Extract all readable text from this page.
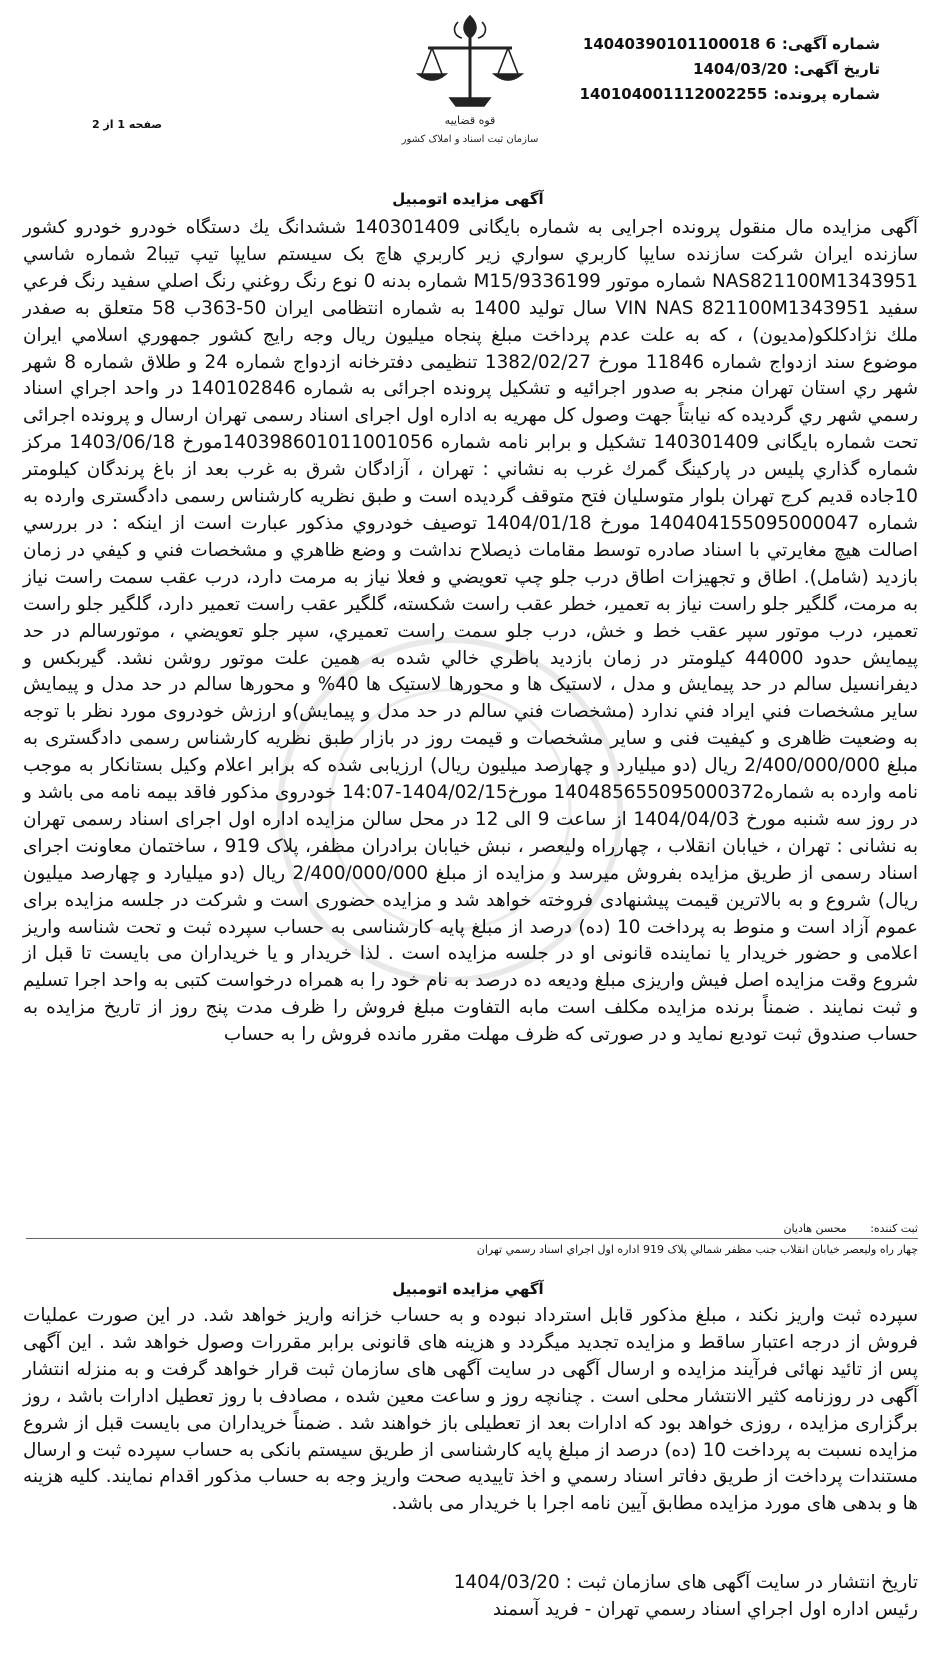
قوه قضاییه
سازمان ثبت اسناد و املاک کشور
شماره آگهی:
14040390101100018 6
تاریخ آگهی:
1404/03/20
شماره پرونده:
140104001112002255
صفحه 1 از 2
آگهی مزایده اتومبیل
آگهی مزایده مال منقول پرونده اجرایی به شماره بایگانی 140301409 ششدانگ يك دستگاه خودرو خودرو كشور سازنده ايران شركت سازنده سايپا كاربري سواري زير كاربري هاچ بک سيستم سايپا تيپ تيبا2 شماره شاسي NAS821100M1343951 شماره موتور M15/9336199 شماره بدنه 0 نوع رنگ روغني رنگ اصلي سفيد رنگ فرعي سفيد VIN NAS 821100M1343951 سال توليد 1400 به شماره انتظامی ايران 50-363ب 58 متعلق به صفدر ملك نژادكلكو(مديون) ، كه به علت عدم پرداخت مبلغ پنجاه ميليون ريال وجه رايج كشور جمهوري اسلامي ايران موضوع سند ازدواج شماره 11846 مورخ 1382/02/27 تنظيمی دفترخانه ازدواج شماره 24 و طلاق شماره 8 شهر شهر ري استان تهران منجر به صدور اجرائيه و تشكيل پرونده اجرائی به شماره 140102846 در واحد اجراي اسناد رسمي شهر ري گرديده كه نيابتاً جهت وصول كل مهريه به اداره اول اجرای اسناد رسمی تهران ارسال و پرونده اجرائی تحت شماره بايگانی 140301409 تشكيل و برابر نامه شماره 140398601011001056مورخ 1403/06/18 مركز شماره گذاري پليس در پاركينگ گمرك غرب به نشاني : تهران ، آزادگان شرق به غرب بعد از باغ پرندگان كيلومتر 10جاده قديم كرج تهران بلوار متوسليان فتح متوقف گرديده است و طبق نظريه كارشناس رسمی دادگستری وارده به شماره 140404155095000047 مورخ 1404/01/18 توصيف خودروي مذكور عبارت است از اينكه : در بررسي اصالت هيچ مغايرتي با اسناد صادره توسط مقامات ذيصلاح نداشت و وضع ظاهري و مشخصات فني و كيفي در زمان بازديد (شامل). اطاق و تجهيزات اطاق درب جلو چپ تعويضي و فعلا نياز به مرمت دارد، درب عقب سمت راست نياز به مرمت، گلگير جلو راست نياز به تعمير، خطر عقب راست شكسته، گلگير عقب راست تعمير دارد، گلگير جلو راست تعمير، درب موتور سپر عقب خط و خش، درب جلو سمت راست تعميري، سپر جلو تعويضي ، موتورسالم در حد پيمايش حدود 44000 كيلومتر در زمان بازديد باطري خالي شده به همين علت موتور روشن نشد. گيربكس و ديفرانسيل سالم در حد پيمايش و مدل ، لاستيک ها و محورها لاستيک ها 40% و محورها سالم در حد مدل و پيمايش ساير مشخصات فني ايراد فني ندارد (مشخصات فني سالم در حد مدل و پيمايش)و ارزش خودروی مورد نظر با توجه به وضعيت ظاهری و كيفيت فنی و ساير مشخصات و قيمت روز در بازار طبق نظريه كارشناس رسمی دادگستری به مبلغ 2/400/000/000 ريال (دو ميليارد و چهارصد ميليون ريال) ارزيابی شده كه برابر اعلام وكيل بستانكار به موجب نامه وارده به شماره140485655095000372 مورخ1404/02/15-14:07 خودروی مذكور فاقد بيمه نامه می باشد و در روز سه شنبه مورخ 1404/04/03 از ساعت 9 الی 12 در محل سالن مزايده اداره اول اجرای اسناد رسمی تهران به نشانی : تهران ، خيابان انقلاب ، چهارراه وليعصر ، نبش خيابان برادران مظفر، پلاک 919 ، ساختمان معاونت اجرای اسناد رسمی از طريق مزايده بفروش ميرسد و مزايده از مبلغ 2/400/000/000 ريال (دو ميليارد و چهارصد ميليون ريال) شروع و به بالاترين قيمت پيشنهادی فروخته خواهد شد و مزايده حضوری است و شركت در جلسه مزايده برای عموم آزاد است و منوط به پرداخت 10 (ده) درصد از مبلغ پايه كارشناسی به حساب سپرده ثبت و تحت شناسه واريز اعلامی و حضور خريدار يا نماينده قانونی او در جلسه مزايده است . لذا خريدار و يا خريداران می بايست تا قبل از شروع وقت مزايده اصل فيش واريزی مبلغ وديعه ده درصد به نام خود را به همراه درخواست كتبی به واحد اجرا تسليم و ثبت نمايند . ضمناً برنده مزايده مكلف است مابه التفاوت مبلغ فروش را ظرف مدت پنج روز از تاريخ مزايده به حساب صندوق ثبت توديع نمايد و در صورتی كه ظرف مهلت مقرر مانده فروش را به حساب
ثبت کننده: محسن هادیان
چهار راه وليعصر خيابان انقلاب جنب مظفر شمالي پلاک 919 اداره اول اجراي اسناد رسمي تهران
آگهي مزايده اتومبيل
سپرده ثبت واريز نكند ، مبلغ مذكور قابل استرداد نبوده و به حساب خزانه واريز خواهد شد. در اين صورت عمليات فروش از درجه اعتبار ساقط و مزايده تجديد ميگردد و هزينه های قانونی برابر مقررات وصول خواهد شد . اين آگهی پس از تائيد نهائی فرآيند مزايده و ارسال آگهی در سايت آگهی های سازمان ثبت قرار خواهد گرفت و به منزله انتشار آگهی در روزنامه كثير الانتشار محلی است . چنانچه روز و ساعت معين شده ، مصادف با روز تعطيل ادارات باشد ، روز برگزاری مزايده ، روزی خواهد بود كه ادارات بعد از تعطيلی باز خواهند شد . ضمناً خريداران می بايست قبل از شروع مزايده نسبت به پرداخت 10 (ده) درصد از مبلغ پايه كارشناسی از طريق سيستم بانكی به حساب سپرده ثبت و ارسال مستندات پرداخت از طريق دفاتر اسناد رسمي و اخذ تاييديه صحت واريز وجه به حساب مذكور اقدام نمايند. كليه هزينه ها و بدهی های مورد مزايده مطابق آيين نامه اجرا با خريدار می باشد.
تاريخ انتشار در سايت آگهی های سازمان ثبت : 1404/03/20
رئيس اداره اول اجراي اسناد رسمي تهران - فريد آسمند
